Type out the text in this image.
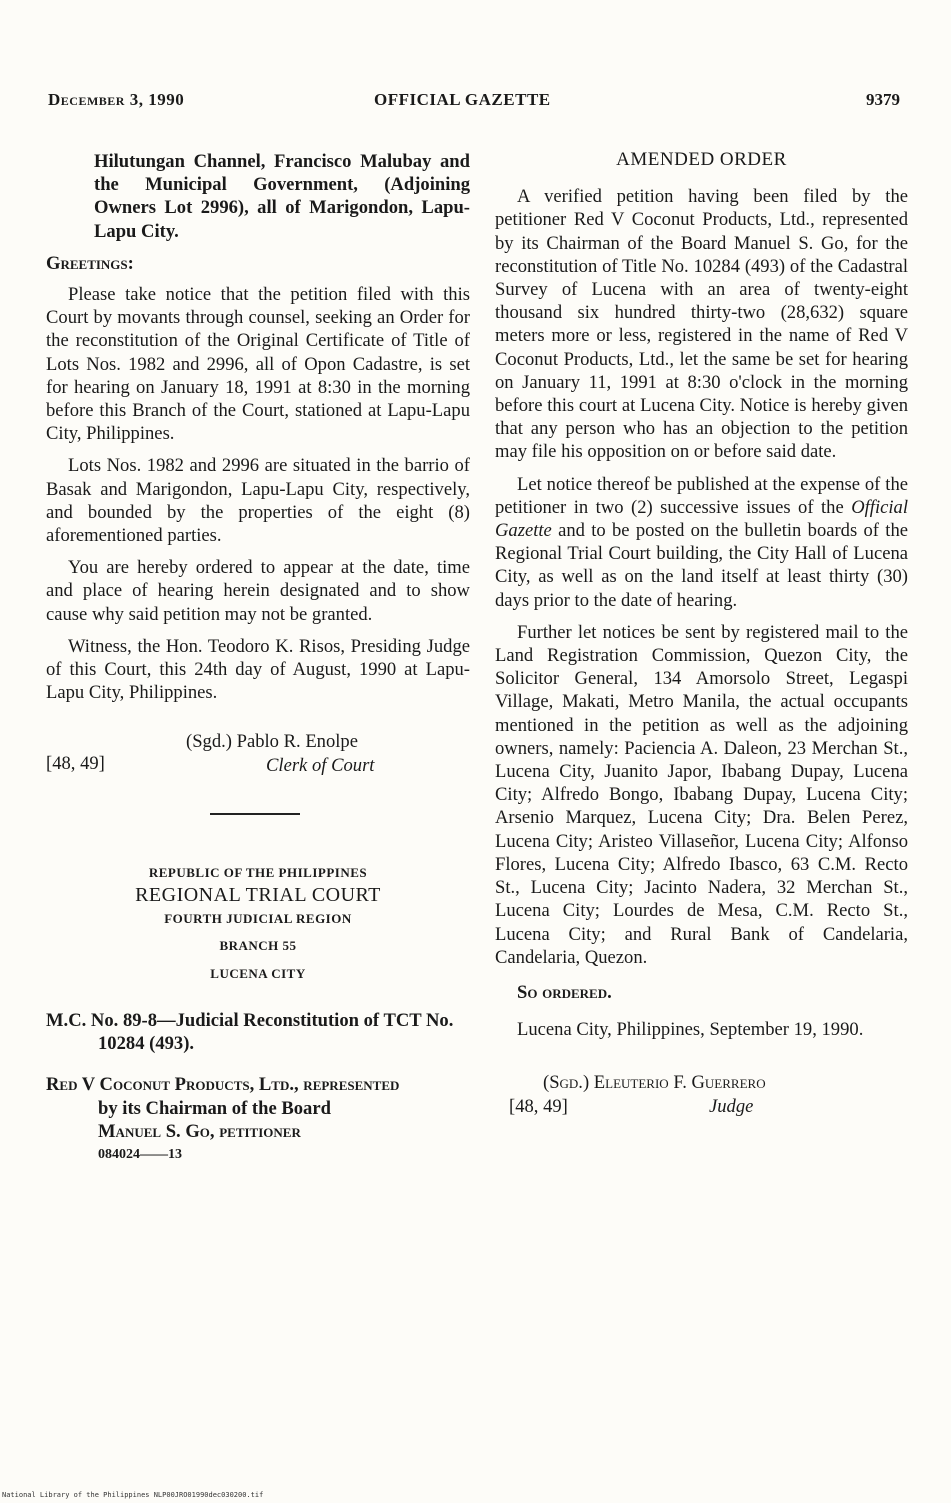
December 3, 1990	OFFICIAL GAZETTE	9379

Hilutungan Channel, Francisco Malubay and the Municipal Government, (Adjoining Owners Lot 2996), all of Marigondon, Lapu-Lapu City.

Greetings:

Please take notice that the petition filed with this Court by movants through counsel, seeking an Order for the reconstitution of the Original Certificate of Title of Lots Nos. 1982 and 2996, all of Opon Cadastre, is set for hearing on January 18, 1991 at 8:30 in the morning before this Branch of the Court, stationed at Lapu-Lapu City, Philippines.

Lots Nos. 1982 and 2996 are situated in the barrio of Basak and Marigondon, Lapu-Lapu City, respectively, and bounded by the properties of the eight (8) aforementioned parties.

You are hereby ordered to appear at the date, time and place of hearing herein designated and to show cause why said petition may not be granted.

Witness, the Hon. Teodoro K. Risos, Presiding Judge of this Court, this 24th day of August, 1990 at Lapu-Lapu City, Philippines.

[48, 49]
(Sgd.) Pablo R. Enolpe
Clerk of Court
REPUBLIC OF THE PHILIPPINES
REGIONAL TRIAL COURT
FOURTH JUDICIAL REGION
BRANCH 55
LUCENA CITY
M.C. No. 89-8—Judicial Reconstitution of TCT No. 10284 (493).
Red V Coconut Products, Ltd., represented
by its Chairman of the Board
Manuel S. Go, petitioner
084024——13
AMENDED ORDER

A verified petition having been filed by the petitioner Red V Coconut Products, Ltd., represented by its Chairman of the Board Manuel S. Go, for the reconstitution of Title No. 10284 (493) of the Cadastral Survey of Lucena with an area of twenty-eight thousand six hundred thirty-two (28,632) square meters more or less, registered in the name of Red V Coconut Products, Ltd., let the same be set for hearing on January 11, 1991 at 8:30 o'clock in the morning before this court at Lucena City. Notice is hereby given that any person who has an objection to the petition may file his opposition on or before said date.

Let notice thereof be published at the expense of the petitioner in two (2) successive issues of the Official Gazette and to be posted on the bulletin boards of the Regional Trial Court building, the City Hall of Lucena City, as well as on the land itself at least thirty (30) days prior to the date of hearing.

Further let notices be sent by registered mail to the Land Registration Commission, Quezon City, the Solicitor General, 134 Amorsolo Street, Legaspi Village, Makati, Metro Manila, the actual occupants mentioned in the petition as well as the adjoining owners, namely: Paciencia A. Daleon, 23 Merchan St., Lucena City, Juanito Japor, Ibabang Dupay, Lucena City; Alfredo Bongo, Ibabang Dupay, Lucena City; Arsenio Marquez, Lucena City; Dra. Belen Perez, Lucena City; Aristeo Villaseñor, Lucena City; Alfonso Flores, Lucena City; Alfredo Ibasco, 63 C.M. Recto St., Lucena City; Jacinto Nadera, 32 Merchan St., Lucena City; Lourdes de Mesa, C.M. Recto St., Lucena City; and Rural Bank of Candelaria, Candelaria, Quezon.

So ordered.

Lucena City, Philippines, September 19, 1990.

(Sgd.) Eleuterio F. Guerrero
[48, 49]	Judge
National Library of the Philippines NLP00JRO01990dec030200.tif
